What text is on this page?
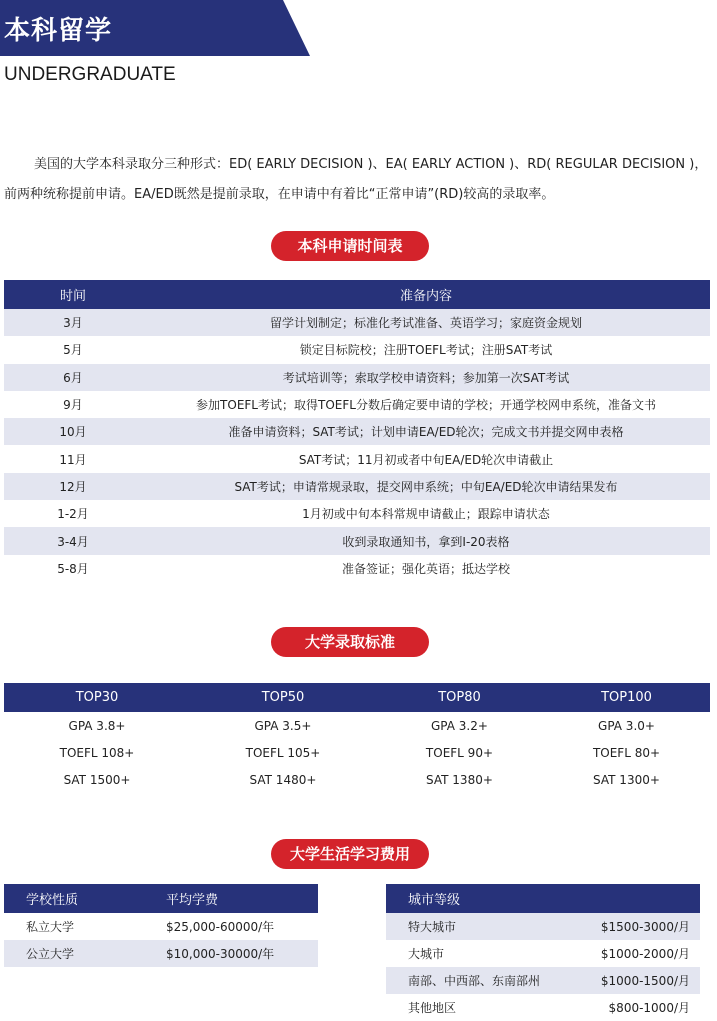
本科留学
UNDERGRADUATE

美国的大学本科录取分三种形式：ED( EARLY DECISION )、EA( EARLY ACTION )、RD( REGULAR DECISION )，前两种统称提前申请。EA/ED既然是提前录取，在申请中有着比“正常申请”(RD)较高的录取率。

本科申请时间表
时间	准备内容
3月	留学计划制定；标准化考试准备、英语学习；家庭资金规划
5月	锁定目标院校；注册TOEFL考试；注册SAT考试
6月	考试培训等；索取学校申请资料；参加第一次SAT考试
9月	参加TOEFL考试；取得TOEFL分数后确定要申请的学校；开通学校网申系统，准备文书
10月	准备申请资料；SAT考试；计划申请EA/ED轮次；完成文书并提交网申表格
11月	SAT考试；11月初或者中旬EA/ED轮次申请截止
12月	SAT考试；申请常规录取，提交网申系统；中旬EA/ED轮次申请结果发布
1-2月	1月初或中旬本科常规申请截止；跟踪申请状态
3-4月	收到录取通知书，拿到I-20表格
5-8月	准备签证；强化英语；抵达学校
大学录取标准
TOP30	TOP50	TOP80	TOP100
GPA 3.8+	GPA 3.5+	GPA 3.2+	GPA 3.0+
TOEFL 108+	TOEFL 105+	TOEFL 90+	TOEFL 80+
SAT 1500+	SAT 1480+	SAT 1380+	SAT 1300+
大学生活学习费用
学校性质	平均学费
私立大学	$25,000-60000/年
公立大学	$10,000-30000/年
城市等级	
特大城市	$1500-3000/月
大城市	$1000-2000/月
南部、中西部、东南部州	$1000-1500/月
其他地区	$800-1000/月
